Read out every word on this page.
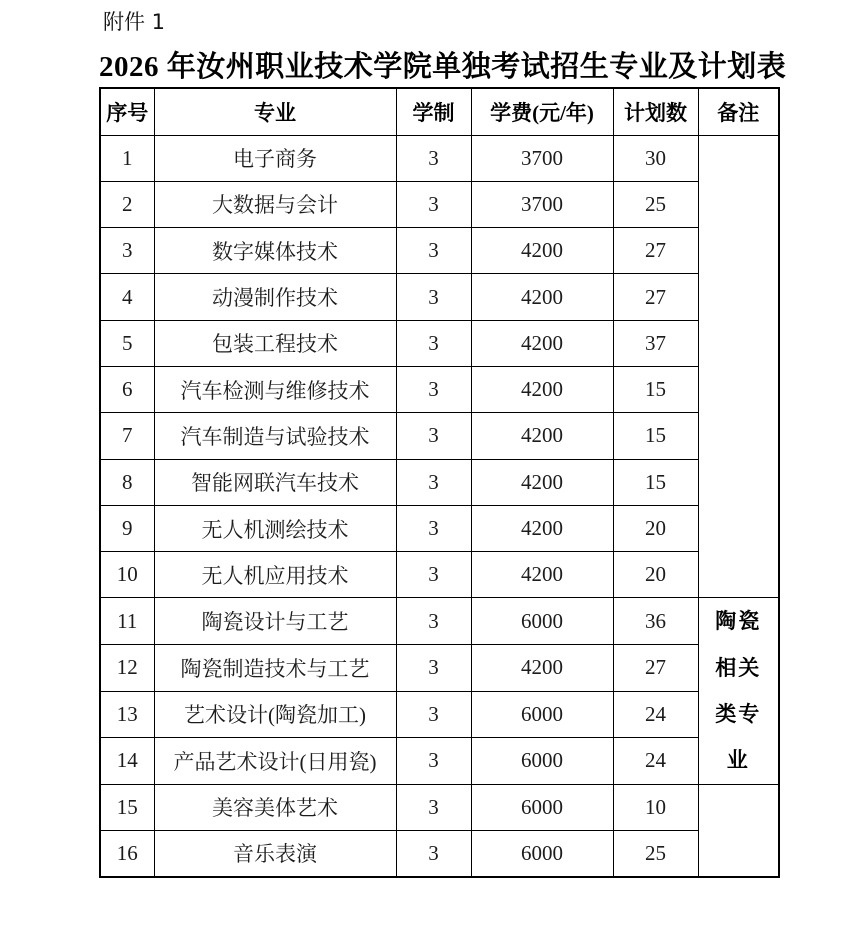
附件 1
2026 年汝州职业技术学院单独考试招生专业及计划表
序号	专业	学制	学费(元/年)	计划数	备注
1	电子商务	3	3700	30	

2	大数据与会计	3	3700	25	
3	数字媒体技术	3	4200	27	
4	动漫制作技术	3	4200	27	
5	包装工程技术	3	4200	37	
6	汽车检测与维修技术	3	4200	15	
7	汽车制造与试验技术	3	4200	15	
8	智能网联汽车技术	3	4200	15	
9	无人机测绘技术	3	4200	20	
10	无人机应用技术	3	4200	20	
11	陶瓷设计与工艺	3	6000	36	陶瓷相关类专业

12	陶瓷制造技术与工艺	3	4200	27	
13	艺术设计(陶瓷加工)	3	6000	24	
14	产品艺术设计(日用瓷)	3	6000	24	
15	美容美体艺术	3	6000	10	

16	音乐表演	3	6000	25	
